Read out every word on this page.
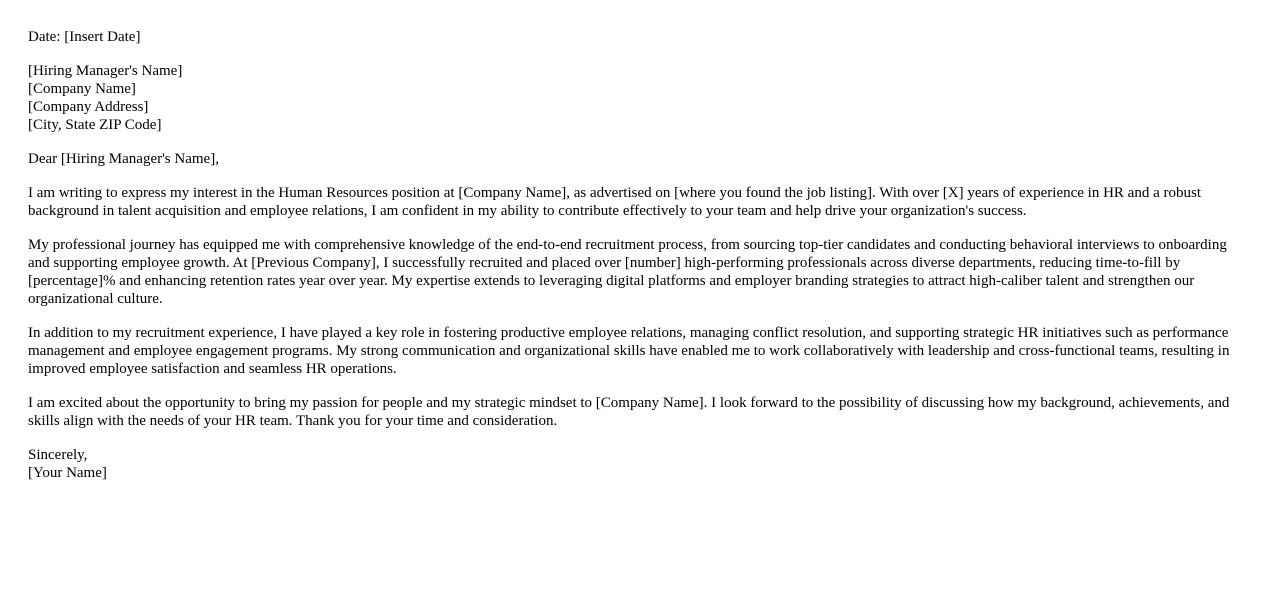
Date: [Insert Date]

[Hiring Manager's Name]
[Company Name]
[Company Address]
[City, State ZIP Code]

Dear [Hiring Manager's Name],

I am writing to express my interest in the Human Resources position at [Company Name], as advertised on [where you found the job listing]. With over [X] years of experience in HR and a robust background in talent acquisition and employee relations, I am confident in my ability to contribute effectively to your team and help drive your organization's success.

My professional journey has equipped me with comprehensive knowledge of the end-to-end recruitment process, from sourcing top-tier candidates and conducting behavioral interviews to onboarding and supporting employee growth. At [Previous Company], I successfully recruited and placed over [number] high-performing professionals across diverse departments, reducing time-to-fill by [percentage]% and enhancing retention rates year over year. My expertise extends to leveraging digital platforms and employer branding strategies to attract high-caliber talent and strengthen our organizational culture.

In addition to my recruitment experience, I have played a key role in fostering productive employee relations, managing conflict resolution, and supporting strategic HR initiatives such as performance management and employee engagement programs. My strong communication and organizational skills have enabled me to work collaboratively with leadership and cross-functional teams, resulting in improved employee satisfaction and seamless HR operations.

I am excited about the opportunity to bring my passion for people and my strategic mindset to [Company Name]. I look forward to the possibility of discussing how my background, achievements, and skills align with the needs of your HR team. Thank you for your time and consideration.

Sincerely,
[Your Name]
